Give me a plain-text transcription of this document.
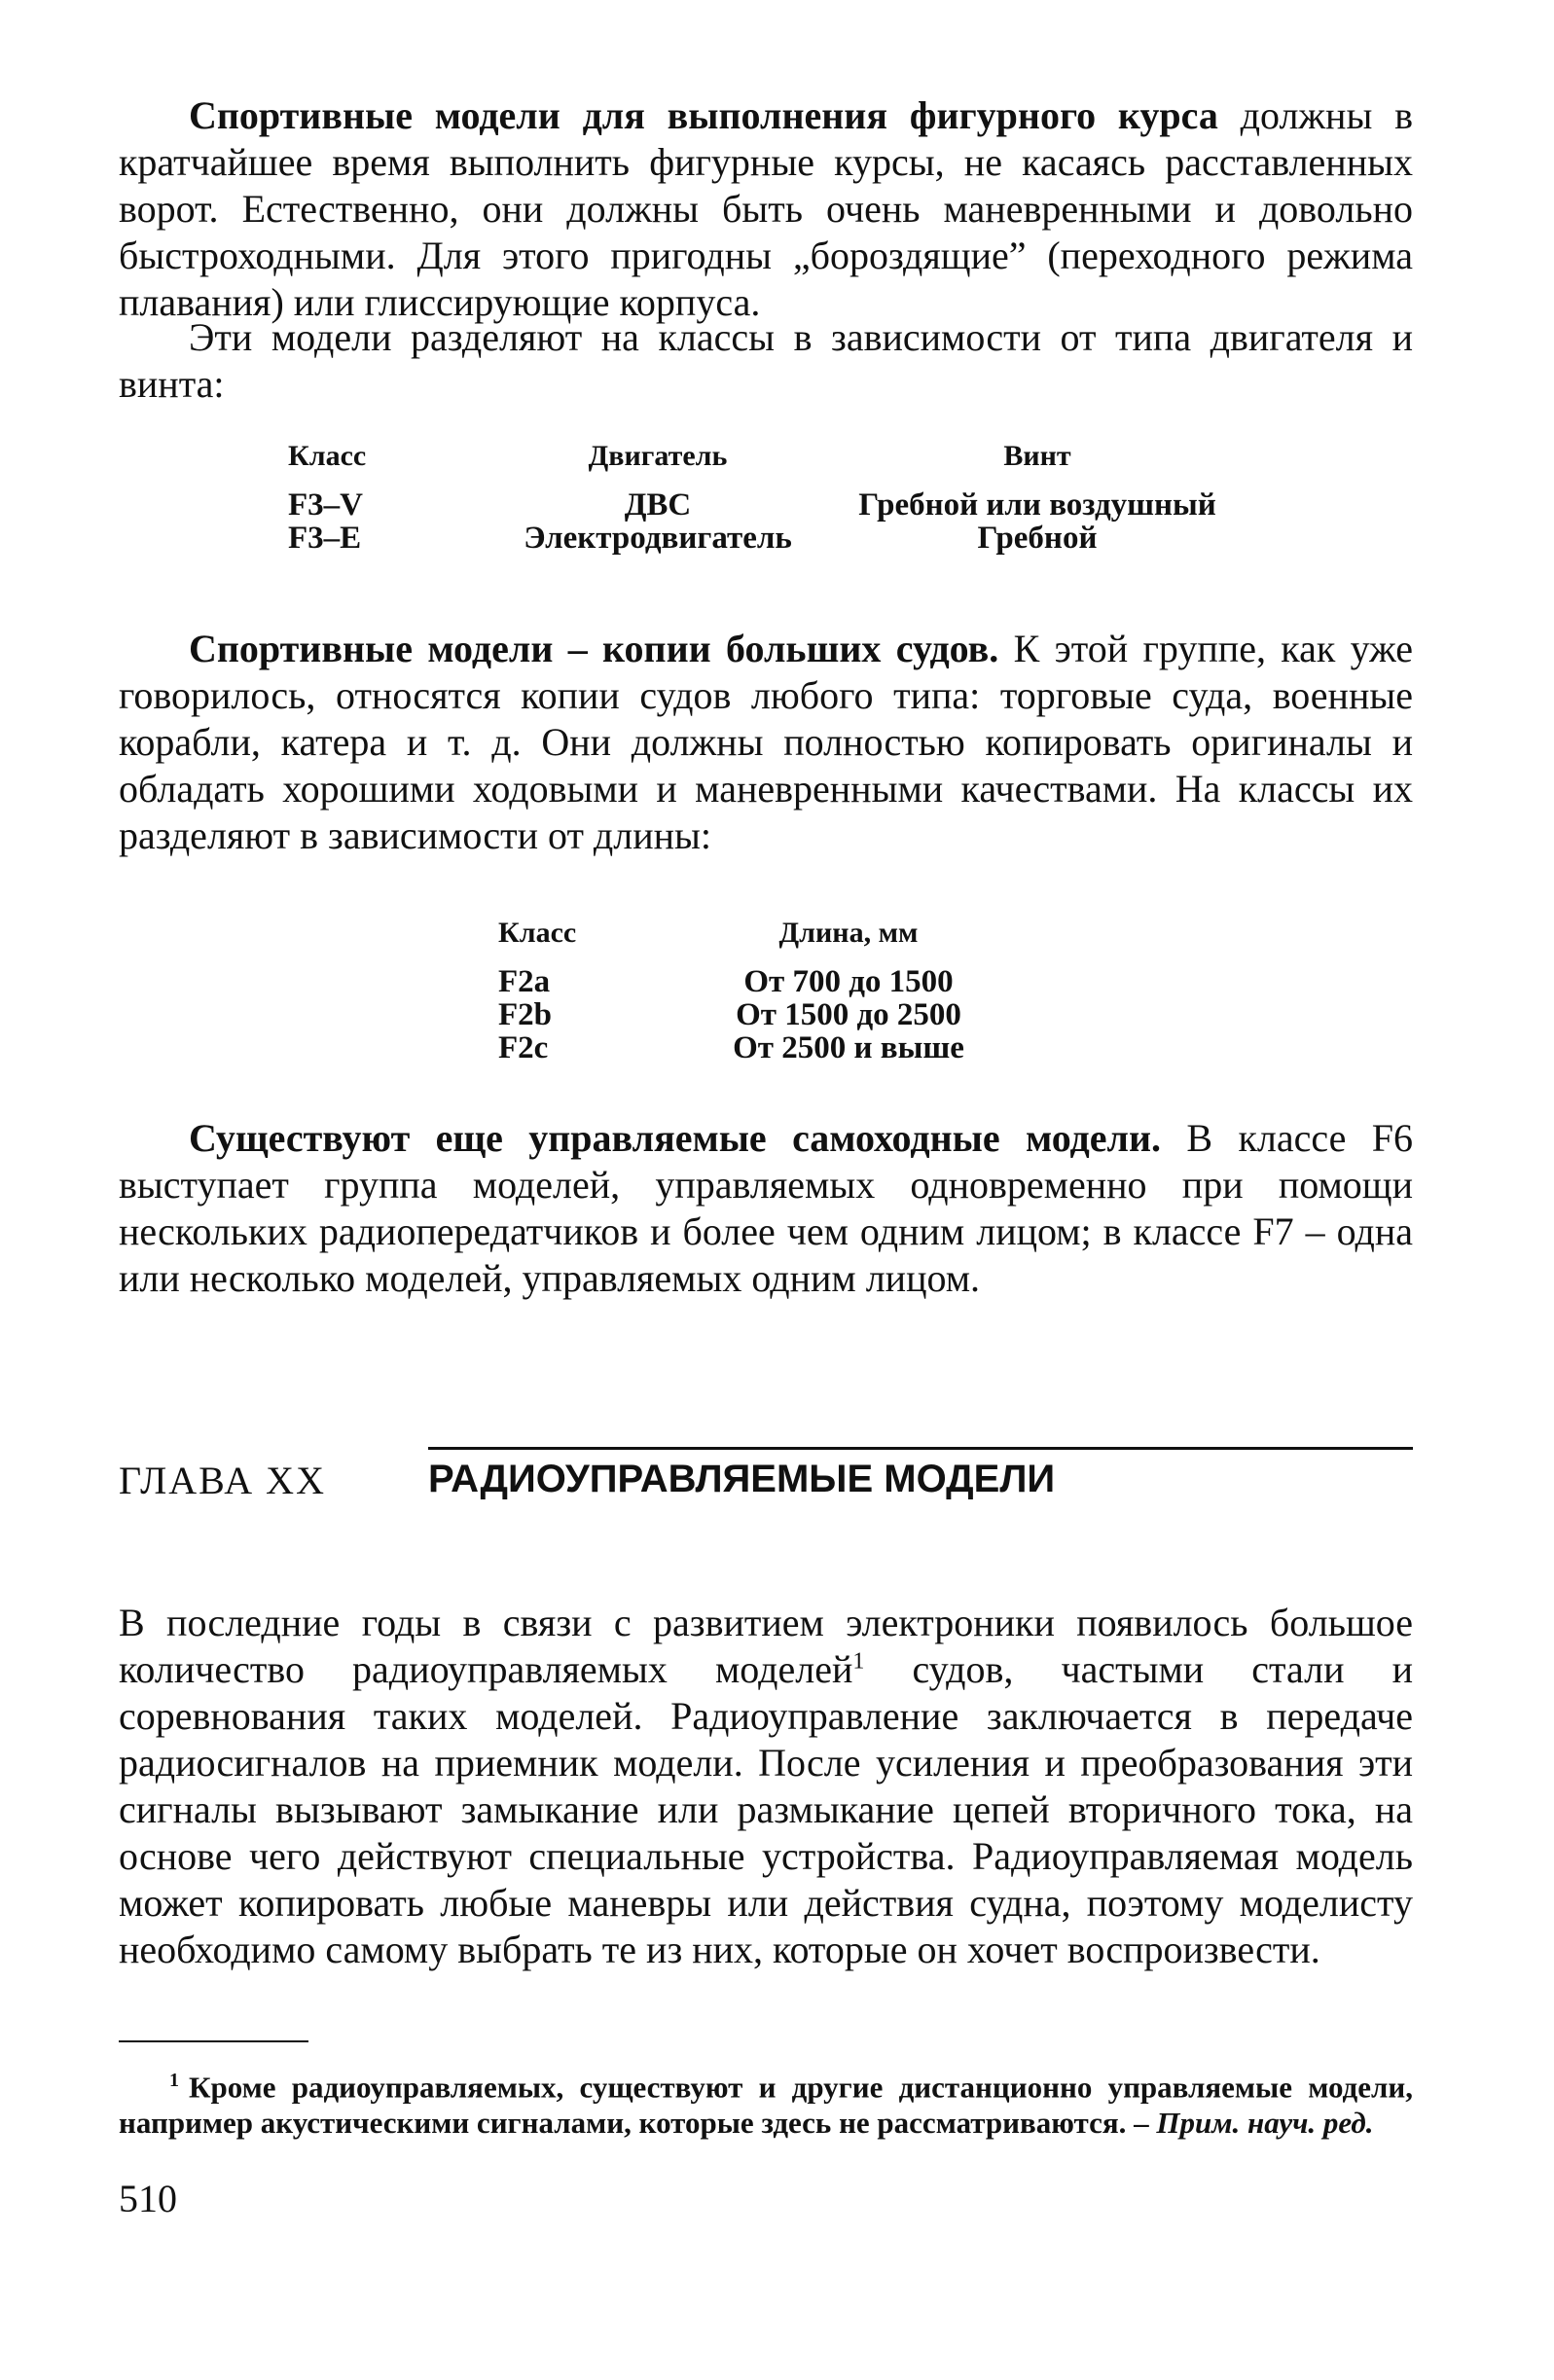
Спортивные модели для выполнения фигурного курса должны в кратчайшее время выполнить фигурные курсы, не касаясь расставленных ворот. Естественно, они должны быть очень маневренными и довольно быстроходными. Для этого пригодны „бороздящие” (переходного режима плавания) или глиссирующие корпуса.

Эти модели разделяют на классы в зависимости от типа двигателя и винта:

Класс	Двигатель	Винт
F3–V	ДВС	Гребной или воздушный
F3–E	Электродвигатель	Гребной

Спортивные модели – копии больших судов. К этой группе, как уже говорилось, относятся копии судов любого типа: торговые суда, военные корабли, катера и т. д. Они должны полностью копировать оригиналы и обладать хорошими ходовыми и маневренными качествами. На классы их разделяют в зависимости от длины:

Класс	Длина, мм
F2a	От 700 до 1500
F2b	От 1500 до 2500
F2c	От 2500 и выше

Существуют еще управляемые самоходные модели. В классе F6 выступает группа моделей, управляемых одновременно при помощи нескольких радиопередатчиков и более чем одним лицом; в классе F7 – одна или несколько моделей, управляемых одним лицом.

ГЛАВА XX	РАДИОУПРАВЛЯЕМЫЕ МОДЕЛИ

В последние годы в связи с развитием электроники появилось большое количество радиоуправляемых моделей$^1$ судов, частыми стали и соревнования таких моделей. Радиоуправление заключается в передаче радиосигналов на приемник модели. После усиления и преобразования эти сигналы вызывают замыкание или размыкание цепей вторичного тока, на основе чего действуют специальные устройства. Радиоуправляемая модель может копировать любые маневры или действия судна, поэтому моделисту необходимо самому выбрать те из них, которые он хочет воспроизвести.

$^1$ Кроме радиоуправляемых, существуют и другие дистанционно управляемые модели, например акустическими сигналами, которые здесь не рассматриваются. – Прим. науч. ред.

510
